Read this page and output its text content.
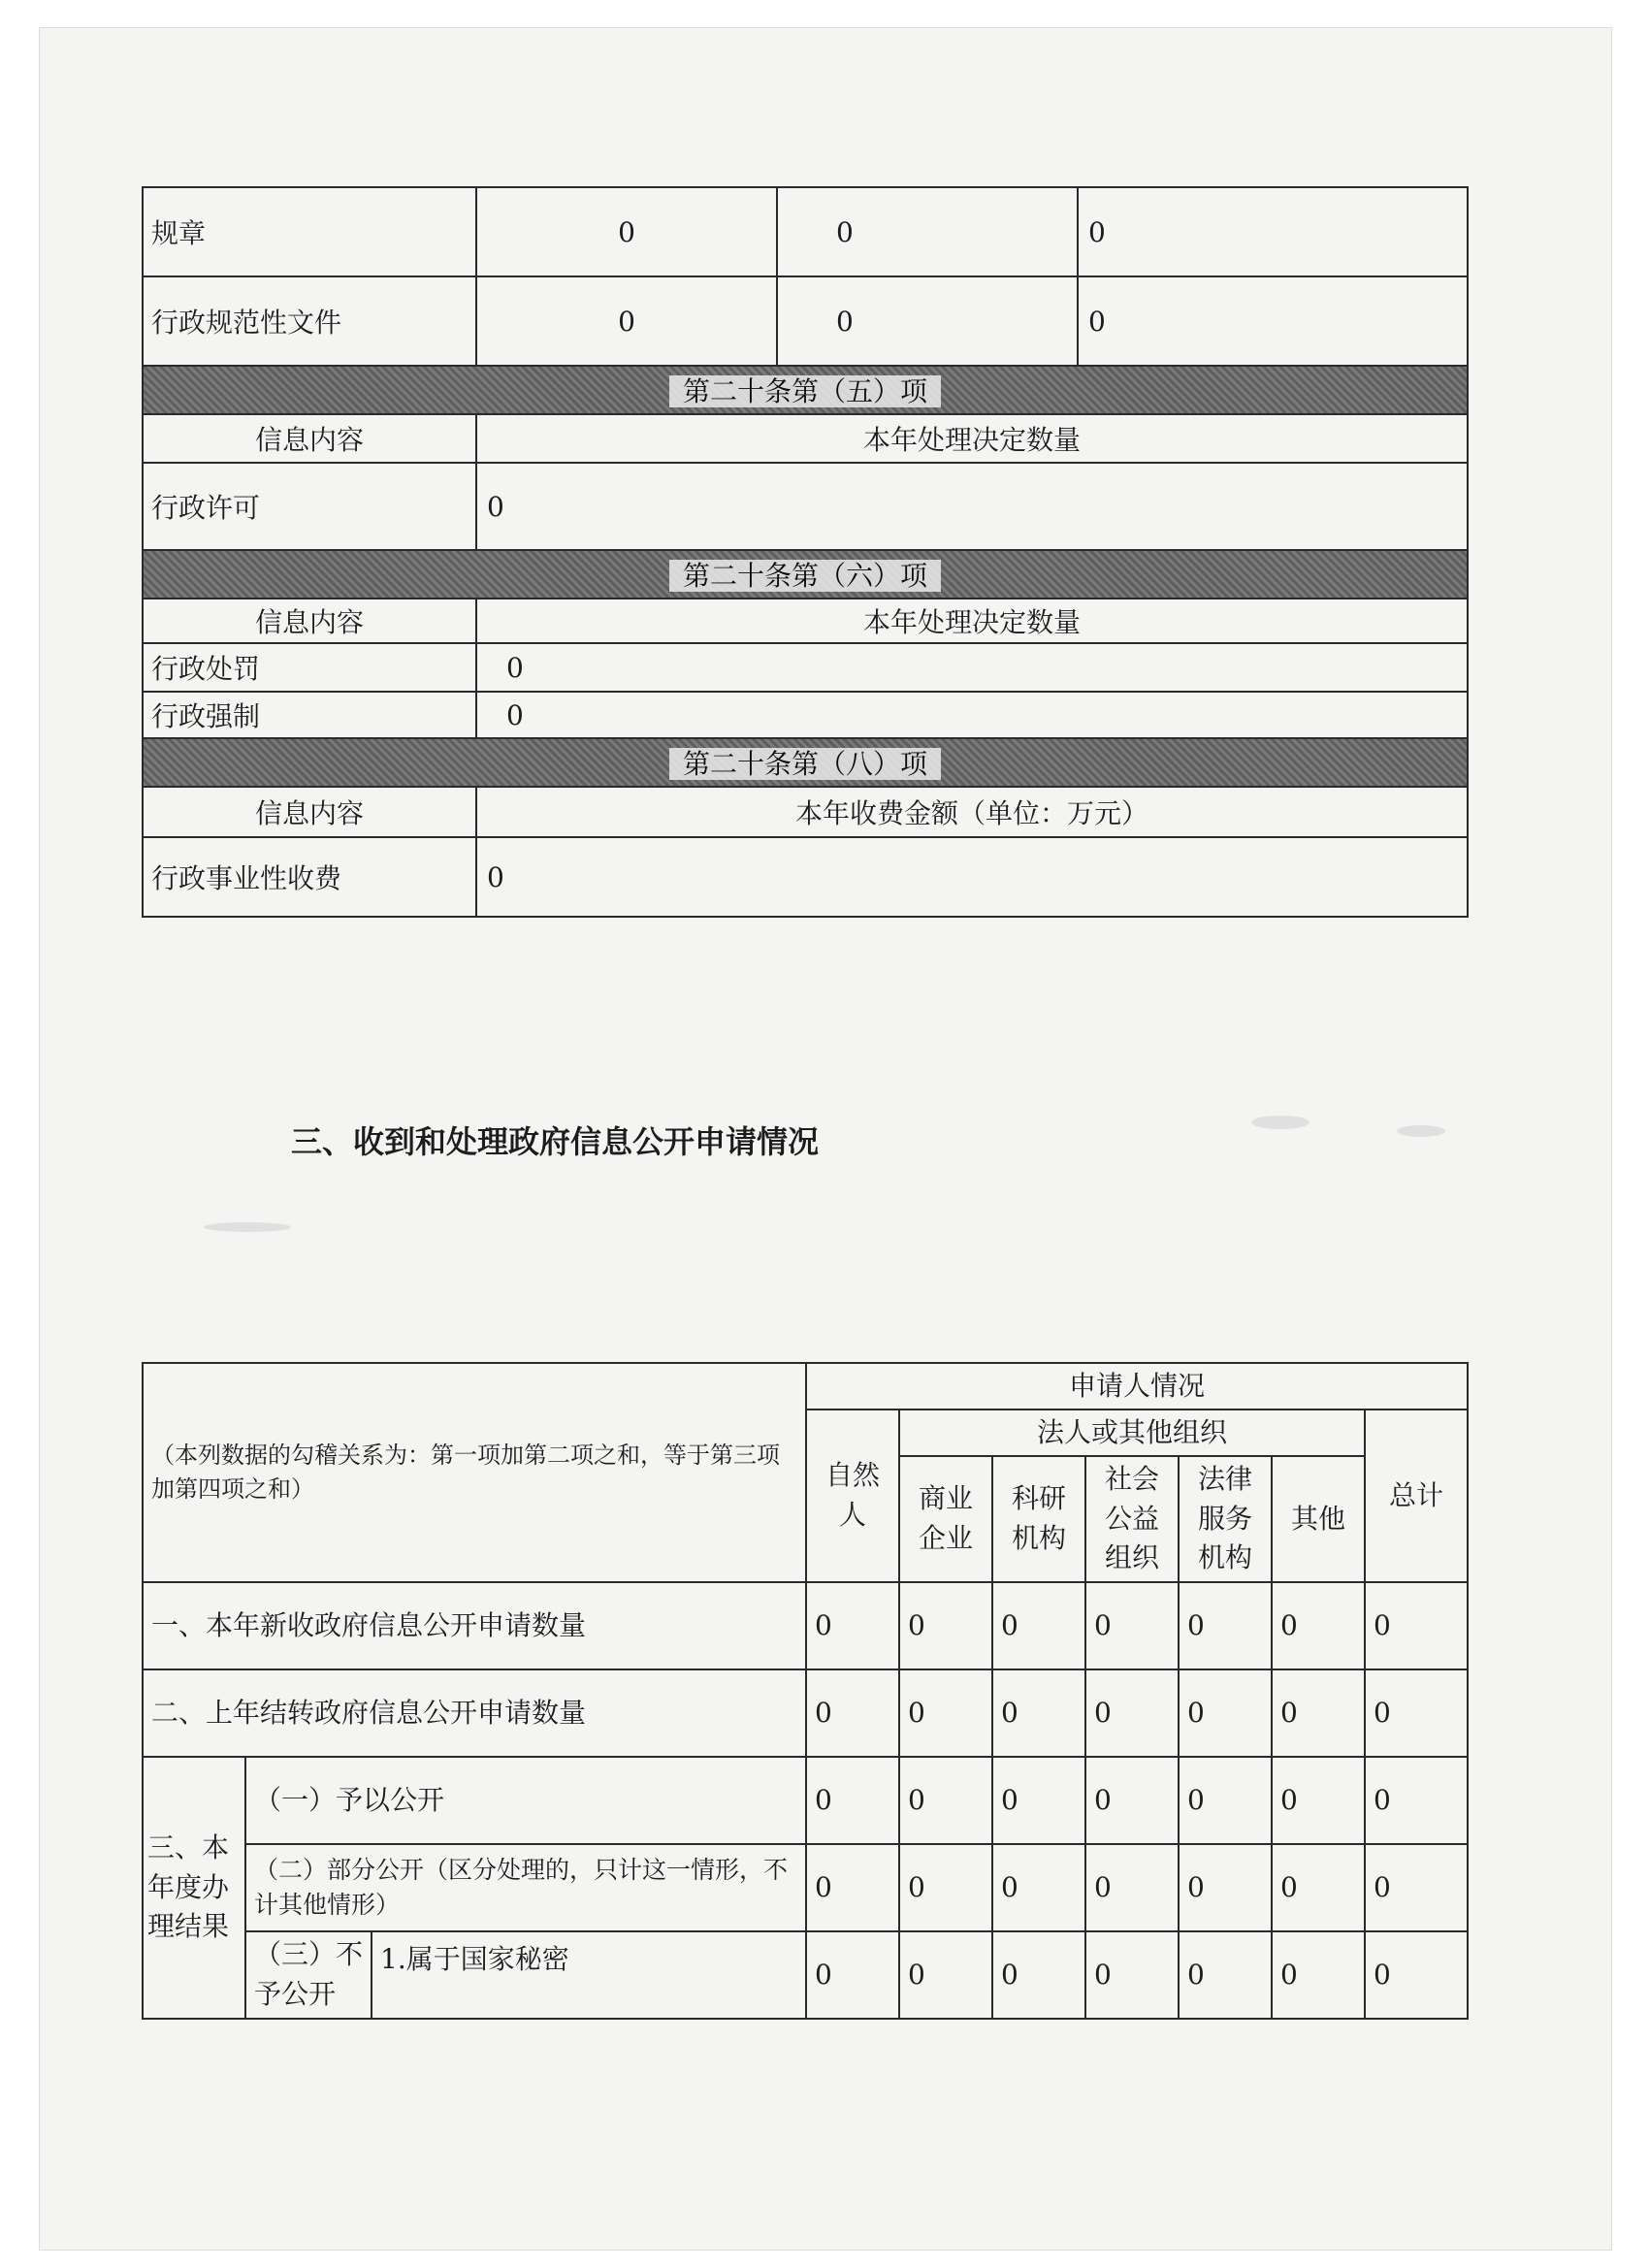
规章	0	0	0
行政规范性文件	0	0	0
第二十条第（五）项			
信息内容	本年处理决定数量		
行政许可	0		
第二十条第（六）项			
信息内容	本年处理决定数量		
行政处罚	0		
行政强制	0		
第二十条第（八）项			
信息内容	本年收费金额（单位：万元）		
行政事业性收费	0		
三、收到和处理政府信息公开申请情况
（本列数据的勾稽关系为：第一项加第二项之和，等于第三项加第四项之和）			申请人情况						
			自然人	法人或其他组织					总计
				商业企业	科研机构	社会公益组织	法律服务机构	其他	
一、本年新收政府信息公开申请数量			0	0	0	0	0	0	0
二、上年结转政府信息公开申请数量			0	0	0	0	0	0	0
三、本年度办理结果	（一）予以公开		0	0	0	0	0	0	0
	（二）部分公开（区分处理的，只计这一情形，不计其他情形）		0	0	0	0	0	0	0
	（三）不予公开	1.属于国家秘密	0	0	0	0	0	0	0
